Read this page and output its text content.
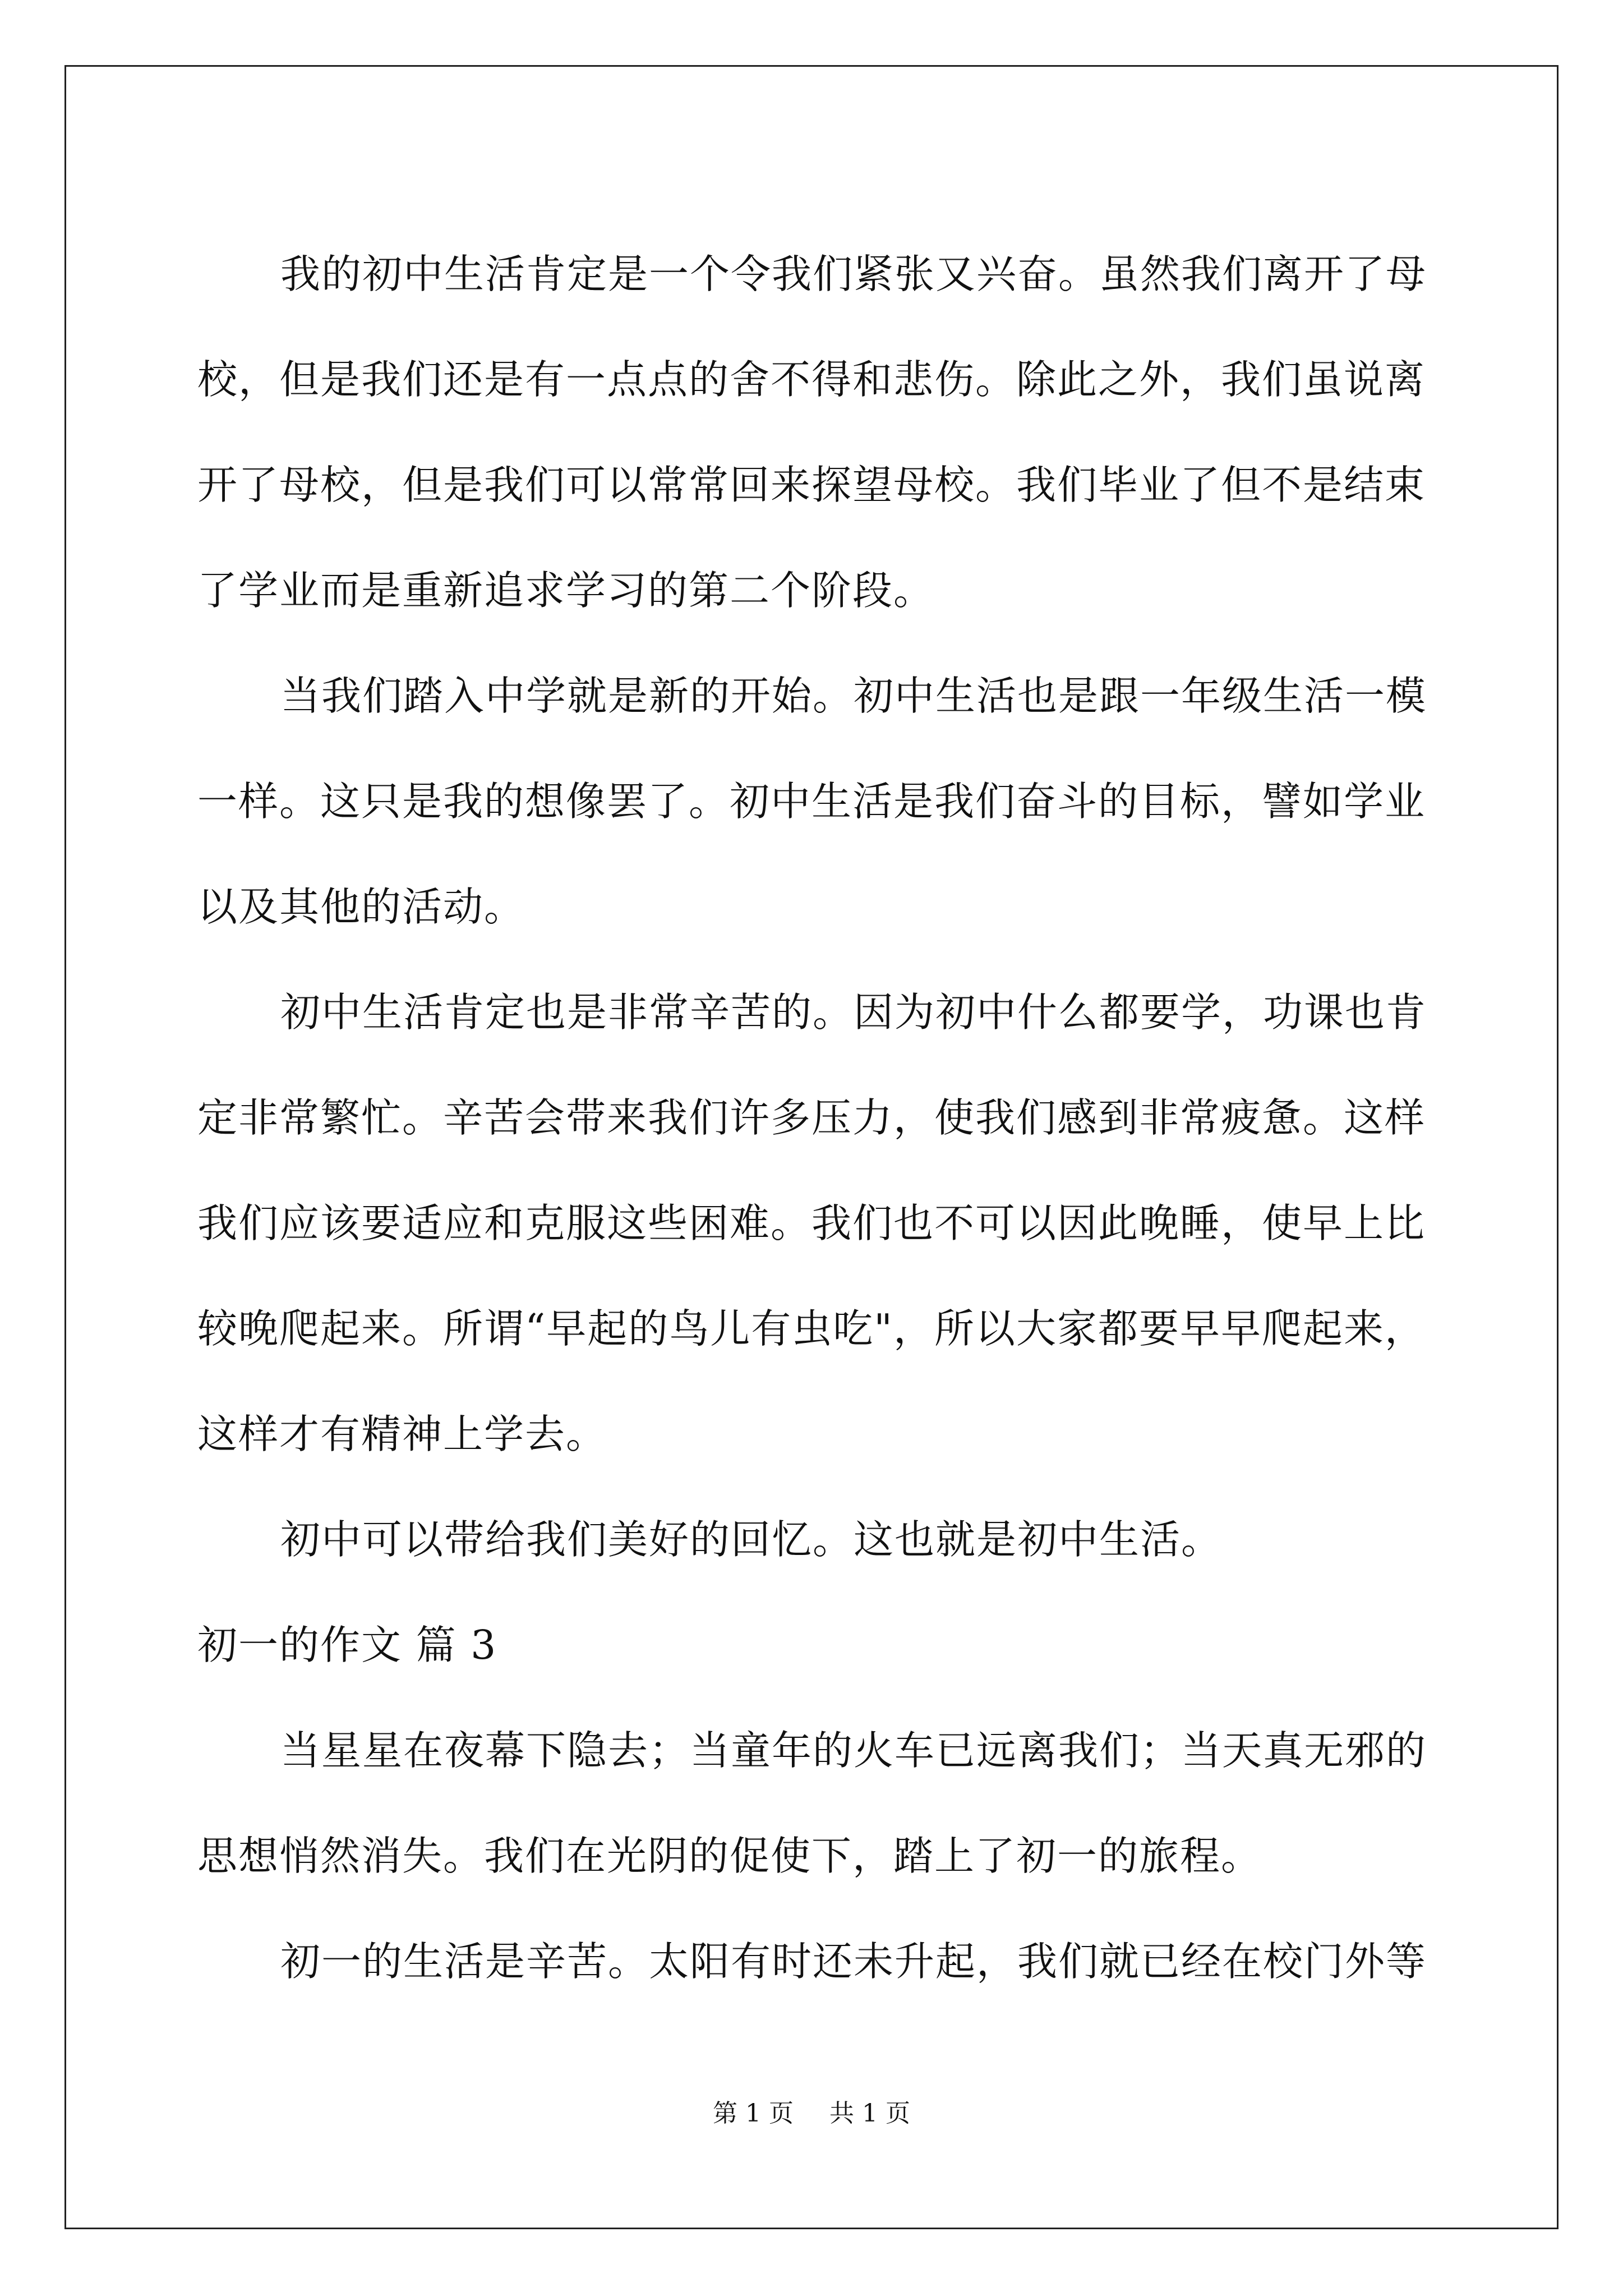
我的初中生活肯定是一个令我们紧张又兴奋。虽然我们离开了母
校，但是我们还是有一点点的舍不得和悲伤。除此之外，我们虽说离
开了母校，但是我们可以常常回来探望母校。我们毕业了但不是结束
了学业而是重新追求学习的第二个阶段。

当我们踏入中学就是新的开始。初中生活也是跟一年级生活一模
一样。这只是我的想像罢了。初中生活是我们奋斗的目标，譬如学业
以及其他的活动。

初中生活肯定也是非常辛苦的。因为初中什么都要学，功课也肯
定非常繁忙。辛苦会带来我们许多压力，使我们感到非常疲惫。这样
我们应该要适应和克服这些困难。我们也不可以因此晚睡，使早上比
较晚爬起来。所谓“早起的鸟儿有虫吃"，所以大家都要早早爬起来，
这样才有精神上学去。

初中可以带给我们美好的回忆。这也就是初中生活。

初一的作文 篇 3

当星星在夜幕下隐去；当童年的火车已远离我们；当天真无邪的
思想悄然消失。我们在光阴的促使下，踏上了初一的旅程。

初一的生活是辛苦。太阳有时还未升起，我们就已经在校门外等

第 1 页 共 1 页
